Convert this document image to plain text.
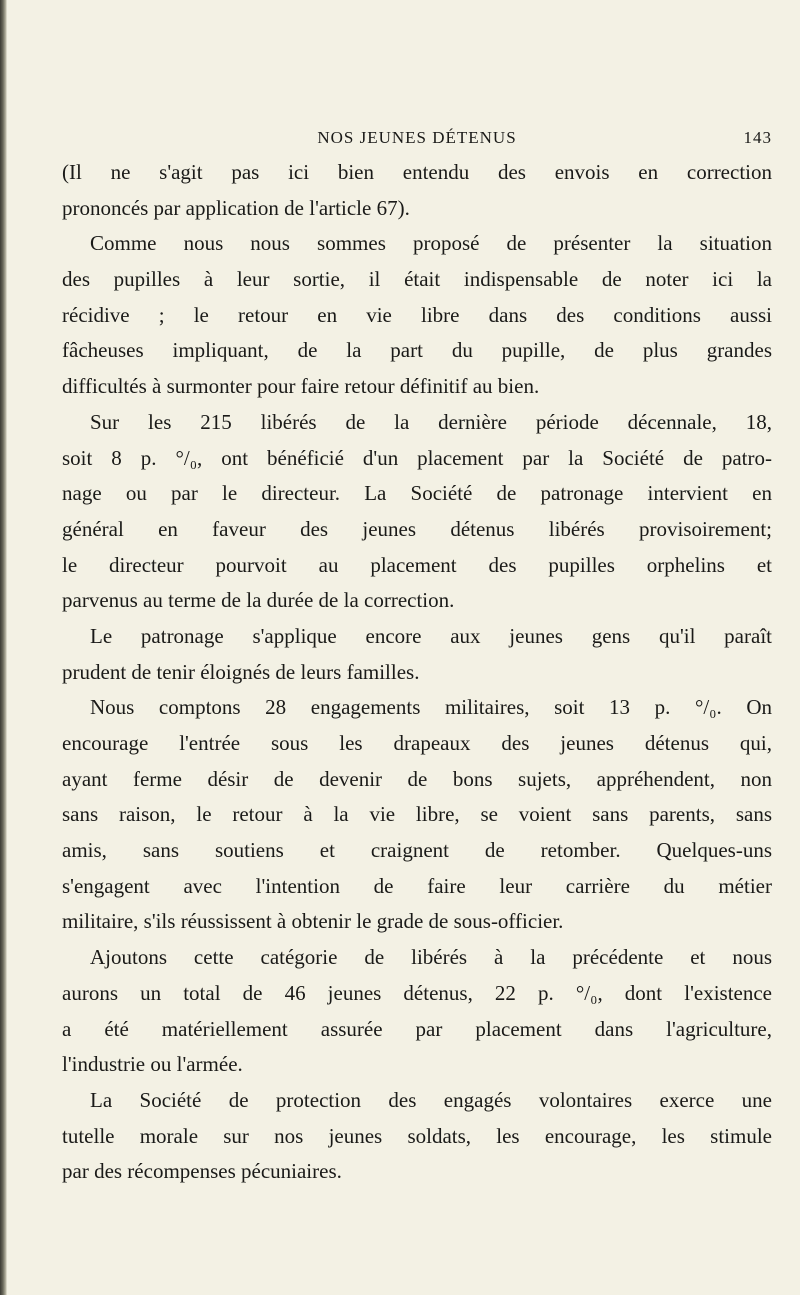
NOS JEUNES DÉTENUS	143
(Il ne s'agit pas ici bien entendu des envois en correction
prononcés par application de l'article 67).
Comme nous nous sommes proposé de présenter la situation
des pupilles à leur sortie, il était indispensable de noter ici la
récidive ; le retour en vie libre dans des conditions aussi
fâcheuses impliquant, de la part du pupille, de plus grandes
difficultés à surmonter pour faire retour définitif au bien.
Sur les 215 libérés de la dernière période décennale, 18,
soit 8 p. °/₀, ont bénéficié d'un placement par la Société de patro-
nage ou par le directeur. La Société de patronage intervient en
général en faveur des jeunes détenus libérés provisoirement;
le directeur pourvoit au placement des pupilles orphelins et
parvenus au terme de la durée de la correction.
Le patronage s'applique encore aux jeunes gens qu'il paraît
prudent de tenir éloignés de leurs familles.
Nous comptons 28 engagements militaires, soit 13 p. °/₀. On
encourage l'entrée sous les drapeaux des jeunes détenus qui,
ayant ferme désir de devenir de bons sujets, appréhendent, non
sans raison, le retour à la vie libre, se voient sans parents, sans
amis, sans soutiens et craignent de retomber. Quelques-uns
s'engagent avec l'intention de faire leur carrière du métier
militaire, s'ils réussissent à obtenir le grade de sous-officier.
Ajoutons cette catégorie de libérés à la précédente et nous
aurons un total de 46 jeunes détenus, 22 p. °/₀, dont l'existence
a été matériellement assurée par placement dans l'agriculture,
l'industrie ou l'armée.
La Société de protection des engagés volontaires exerce une
tutelle morale sur nos jeunes soldats, les encourage, les stimule
par des récompenses pécuniaires.
